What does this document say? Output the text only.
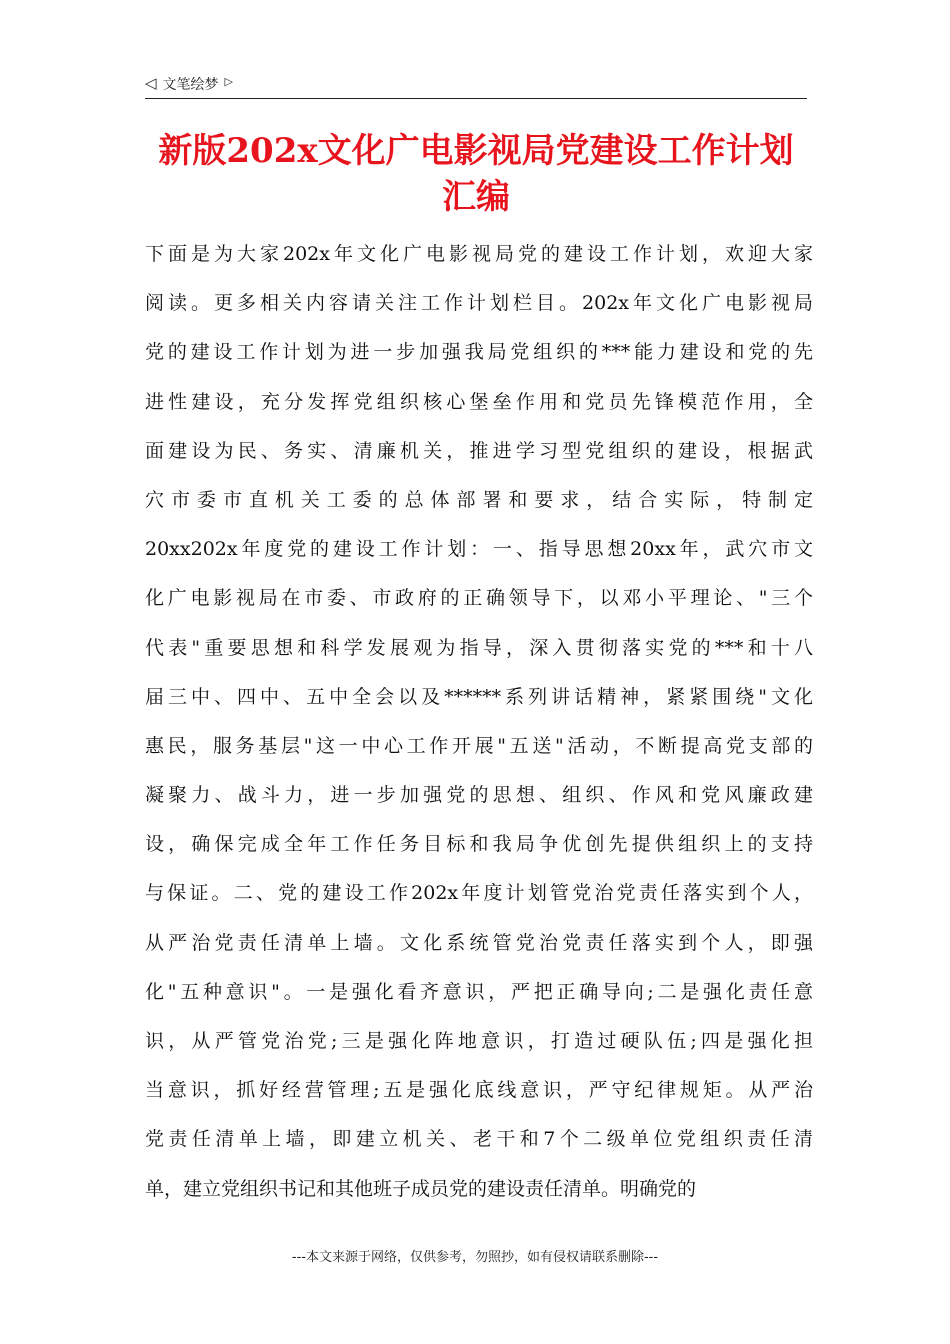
◁ 文笔绘梦 ▷
新版202x文化广电影视局党建设工作计划
汇编
下面是为大家202x年文化广电影视局党的建设工作计划，欢迎大家
阅读。更多相关内容请关注工作计划栏目。202x年文化广电影视局
党的建设工作计划为进一步加强我局党组织的***能力建设和党的先
进性建设，充分发挥党组织核心堡垒作用和党员先锋模范作用，全
面建设为民、务实、清廉机关，推进学习型党组织的建设，根据武
穴市委市直机关工委的总体部署和要求，结合实际，特制定
20xx202x年度党的建设工作计划：一、指导思想20xx年，武穴市文
化广电影视局在市委、市政府的正确领导下，以邓小平理论、"三个
代表"重要思想和科学发展观为指导，深入贯彻落实党的***和十八
届三中、四中、五中全会以及******系列讲话精神，紧紧围绕"文化
惠民，服务基层"这一中心工作开展"五送"活动，不断提高党支部的
凝聚力、战斗力，进一步加强党的思想、组织、作风和党风廉政建
设，确保完成全年工作任务目标和我局争优创先提供组织上的支持
与保证。二、党的建设工作202x年度计划管党治党责任落实到个人，
从严治党责任清单上墙。文化系统管党治党责任落实到个人，即强
化"五种意识"。一是强化看齐意识，严把正确导向;二是强化责任意
识，从严管党治党;三是强化阵地意识，打造过硬队伍;四是强化担
当意识，抓好经营管理;五是强化底线意识，严守纪律规矩。从严治
党责任清单上墙，即建立机关、老干和7个二级单位党组织责任清
单，建立党组织书记和其他班子成员党的建设责任清单。明确党的
---本文来源于网络，仅供参考，勿照抄，如有侵权请联系删除---
